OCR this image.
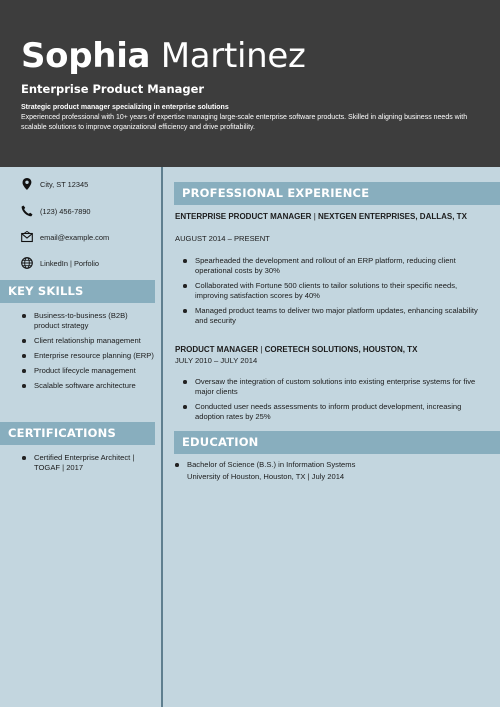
Sophia Martinez
Enterprise Product Manager
Strategic product manager specializing in enterprise solutions
Experienced professional with 10+ years of expertise managing large-scale enterprise software products. Skilled in aligning business needs with scalable solutions to improve organizational efficiency and drive profitability.
City, ST 12345
(123) 456-7890
email@example.com
LinkedIn | Porfolio
KEY SKILLS
Business-to-business (B2B) product strategy
Client relationship management
Enterprise resource planning (ERP)
Product lifecycle management
Scalable software architecture
CERTIFICATIONS
Certified Enterprise Architect | TOGAF | 2017
PROFESSIONAL EXPERIENCE
ENTERPRISE PRODUCT MANAGER | NEXTGEN ENTERPRISES, DALLAS, TX
AUGUST 2014 – PRESENT
Spearheaded the development and rollout of an ERP platform, reducing client operational costs by 30%
Collaborated with Fortune 500 clients to tailor solutions to their specific needs, improving satisfaction scores by 40%
Managed product teams to deliver two major platform updates, enhancing scalability and security
PRODUCT MANAGER | CORETECH SOLUTIONS, HOUSTON, TX
JULY 2010 – JULY 2014
Oversaw the integration of custom solutions into existing enterprise systems for five major clients
Conducted user needs assessments to inform product development, increasing adoption rates by 25%
EDUCATION
Bachelor of Science (B.S.) in Information Systems
University of Houston, Houston, TX | July 2014
